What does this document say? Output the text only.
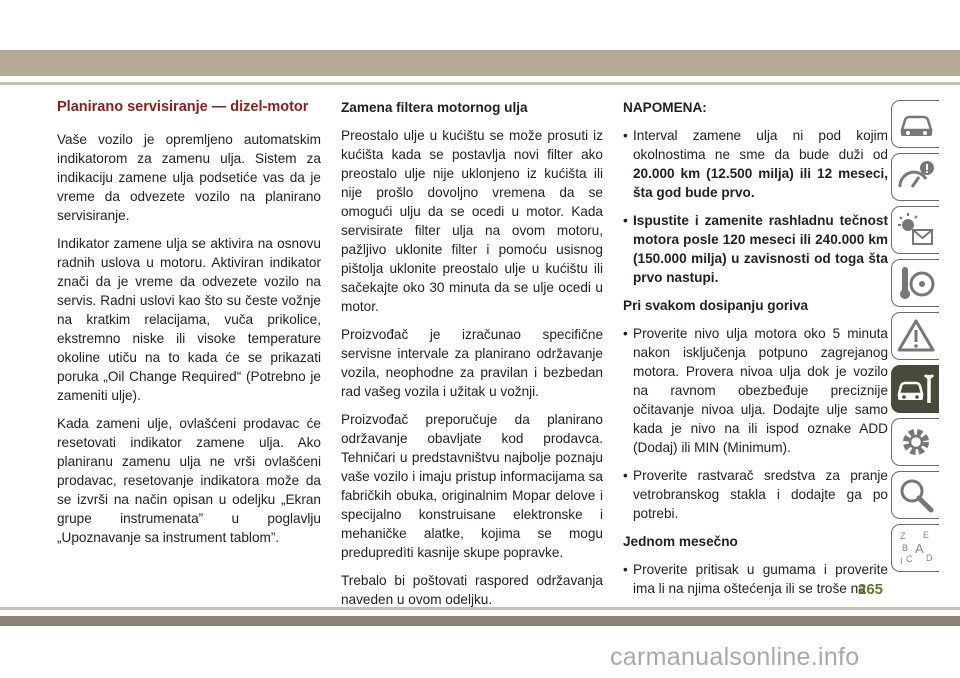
Planirano servisiranje — dizel-motor

Vaše vozilo je opremljeno automatskim indikatorom za zamenu ulja. Sistem za indikaciju zamene ulja podsetiće vas da je vreme da odvezete vozilo na planirano servisiranje.

Indikator zamene ulja se aktivira na osnovu radnih uslova u motoru. Aktiviran indikator znači da je vreme da odvezete vozilo na servis. Radni uslovi kao što su česte vožnje na kratkim relacijama, vuča prikolice, ekstremno niske ili visoke temperature okoline utiču na to kada će se prikazati poruka „Oil Change Required“ (Potrebno je zameniti ulje).

Kada zameni ulje, ovlašćeni prodavac će resetovati indikator zamene ulja. Ako planiranu zamenu ulja ne vrši ovlašćeni prodavac, resetovanje indikatora može da se izvrši na način opisan u odeljku „Ekran grupe instrumenata” u poglavlju „Upoznavanje sa instrument tablom”.

Zamena filtera motornog ulja

Preostalo ulje u kućištu se može prosuti iz kućišta kada se postavlja novi filter ako preostalo ulje nije uklonjeno iz kućišta ili nije prošlo dovoljno vremena da se omogući ulju da se ocedi u motor. Kada servisirate filter ulja na ovom motoru, pažljivo uklonite filter i pomoću usisnog pištolja uklonite preostalo ulje u kućištu ili sačekajte oko 30 minuta da se ulje ocedi u motor.

Proizvođač je izračunao specifične servisne intervale za planirano održavanje vozila, neophodne za pravilan i bezbedan rad vašeg vozila i užitak u vožnji.

Proizvođač preporučuje da planirano održavanje obavljate kod prodavca. Tehničari u predstavništvu najbolje poznaju vaše vozilo i imaju pristup informacijama sa fabričkih obuka, originalnim Mopar delove i specijalno konstruisane elektronske i mehaničke alatke, kojima se mogu predupredìti kasnije skupe popravke.

Trebalo bi poštovati raspored održavanja naveden u ovom odeljku.

NAPOMENA:
• Interval zamene ulja ni pod kojim okolnostima ne sme da bude duži od 20.000 km (12.500 milja) ili 12 meseci, šta god bude prvo.
• Ispustite i zamenite rashladnu tečnost motora posle 120 meseci ili 240.000 km (150.000 milja) u zavisnosti od toga šta prvo nastupi.
Pri svakom dosipanju goriva
• Proverite nivo ulja motora oko 5 minuta nakon isključenja potpuno zagrejanog motora. Provera nivoa ulja dok je vozilo na ravnom obezbeđuje preciznije očitavanje nivoa ulja. Dodajte ulje samo kada je nivo na ili ispod oznake ADD (Dodaj) ili MIN (Minimum).
• Proverite rastvarač sredstva za pranje vetrobranskog stakla i dodajte ga po potrebi.
Jednom mesečno
• Proverite pritisak u gumama i proverite ima li na njima oštećenja ili se troše na
Z E
B A
C D
I
265
carmanualsonline.info
